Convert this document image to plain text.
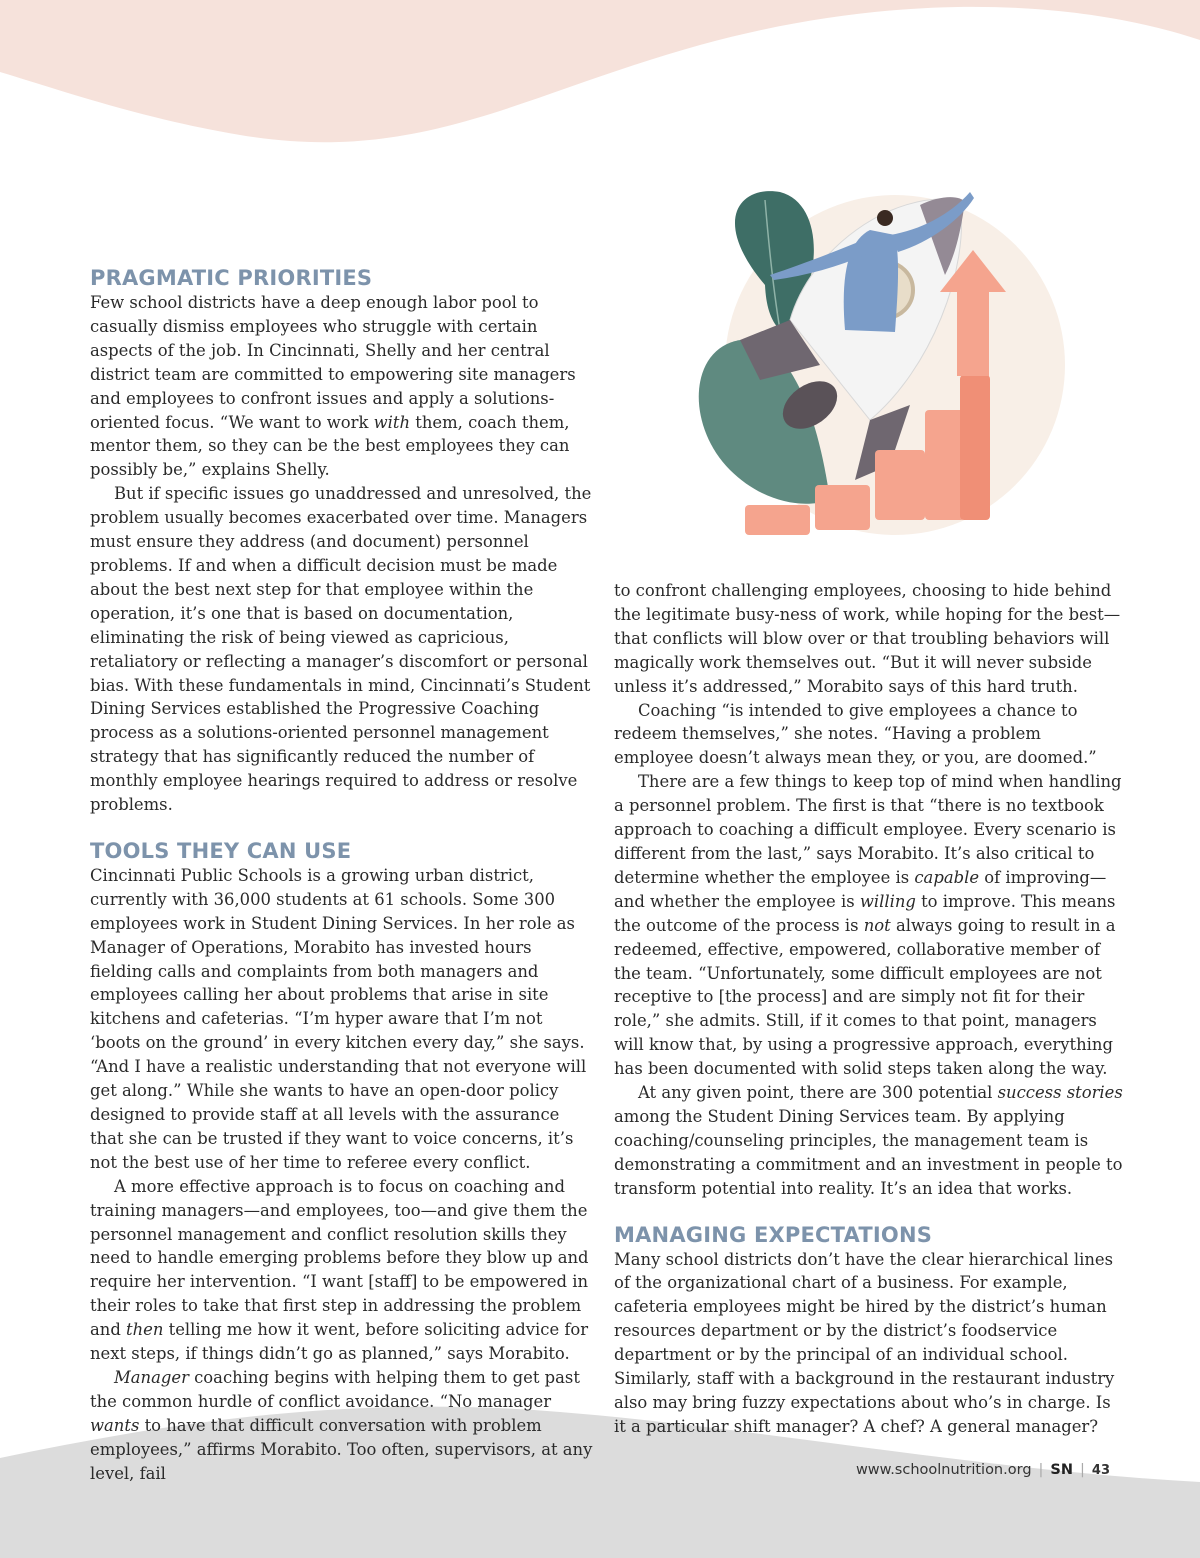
PRAGMATIC PRIORITIES

Few school districts have a deep enough labor pool to casually dismiss employees who struggle with certain aspects of the job. In Cincinnati, Shelly and her central district team are committed to empowering site managers and employees to confront issues and apply a solutions-oriented focus. “We want to work with them, coach them, mentor them, so they can be the best employees they can possibly be,” explains Shelly.

But if specific issues go unaddressed and unresolved, the problem usually becomes exacerbated over time. Managers must ensure they address (and document) personnel problems. If and when a difficult decision must be made about the best next step for that employee within the operation, it’s one that is based on documentation, eliminating the risk of being viewed as capricious, retaliatory or reflecting a manager’s discomfort or personal bias. With these fundamentals in mind, Cincinnati’s Student Dining Services established the Progressive Coaching process as a solutions-oriented personnel management strategy that has significantly reduced the number of monthly employee hearings required to address or resolve problems.

TOOLS THEY CAN USE

Cincinnati Public Schools is a growing urban district, currently with 36,000 students at 61 schools. Some 300 employees work in Student Dining Services. In her role as Manager of Operations, Morabito has invested hours fielding calls and complaints from both managers and employees calling her about problems that arise in site kitchens and cafeterias. “I’m hyper aware that I’m not ‘boots on the ground’ in every kitchen every day,” she says. “And I have a realistic understanding that not everyone will get along.” While she wants to have an open-door policy designed to provide staff at all levels with the assurance that she can be trusted if they want to voice concerns, it’s not the best use of her time to referee every conflict.

A more effective approach is to focus on coaching and training managers—and employees, too—and give them the personnel management and conflict resolution skills they need to handle emerging problems before they blow up and require her intervention. “I want [staff] to be empowered in their roles to take that first step in addressing the problem and then telling me how it went, before soliciting advice for next steps, if things didn’t go as planned,” says Morabito.

Manager coaching begins with helping them to get past the common hurdle of conflict avoidance. “No manager wants to have that difficult conversation with problem employees,” affirms Morabito. Too often, supervisors, at any level, fail

to confront challenging employees, choosing to hide behind the legitimate busy-ness of work, while hoping for the best—that conflicts will blow over or that troubling behaviors will magically work themselves out. “But it will never subside unless it’s addressed,” Morabito says of this hard truth.

Coaching “is intended to give employees a chance to redeem themselves,” she notes. “Having a problem employee doesn’t always mean they, or you, are doomed.”

There are a few things to keep top of mind when handling a personnel problem. The first is that “there is no textbook approach to coaching a difficult employee. Every scenario is different from the last,” says Morabito. It’s also critical to determine whether the employee is capable of improving—and whether the employee is willing to improve. This means the outcome of the process is not always going to result in a redeemed, effective, empowered, collaborative member of the team. “Unfortunately, some difficult employees are not receptive to [the process] and are simply not fit for their role,” she admits. Still, if it comes to that point, managers will know that, by using a progressive approach, everything has been documented with solid steps taken along the way.

At any given point, there are 300 potential success stories among the Student Dining Services team. By applying coaching/counseling principles, the management team is demonstrating a commitment and an investment in people to transform potential into reality. It’s an idea that works.

MANAGING EXPECTATIONS

Many school districts don’t have the clear hierarchical lines of the organizational chart of a business. For example, cafeteria employees might be hired by the district’s human resources department or by the district’s foodservice department or by the principal of an individual school. Similarly, staff with a background in the restaurant industry also may bring fuzzy expectations about who’s in charge. Is it a particular shift manager? A chef? A general manager?

www.schoolnutrition.org | SN | 43
